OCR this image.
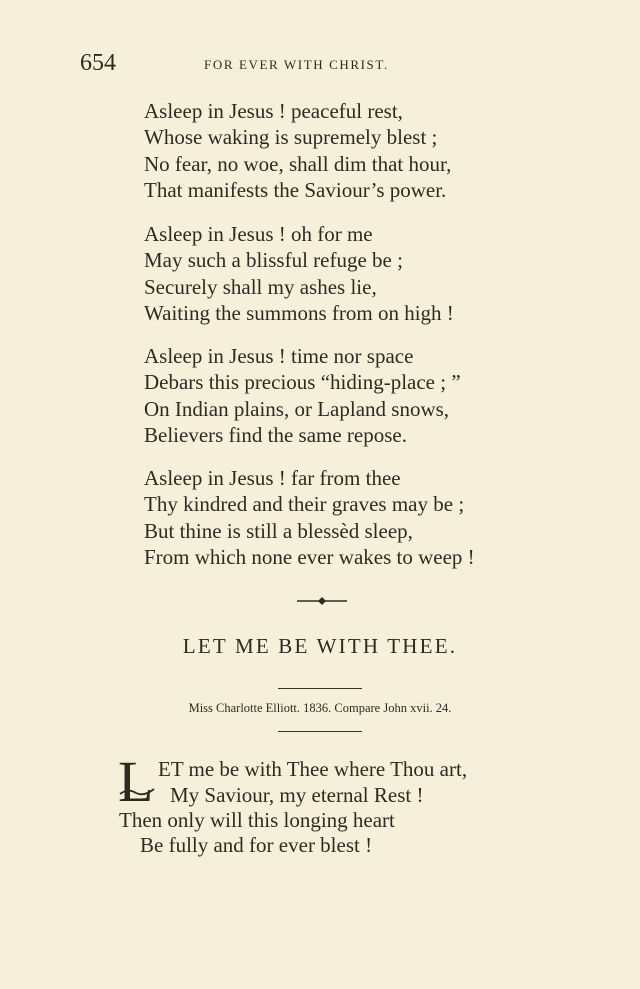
654	FOR EVER WITH CHRIST.
Asleep in Jesus ! peaceful rest,
Whose waking is supremely blest ;
No fear, no woe, shall dim that hour,
That manifests the Saviour’s power.
Asleep in Jesus ! oh for me
May such a blissful refuge be ;
Securely shall my ashes lie,
Waiting the summons from on high !
Asleep in Jesus ! time nor space
Debars this precious “hiding-place ; ”
On Indian plains, or Lapland snows,
Believers find the same repose.
Asleep in Jesus ! far from thee
Thy kindred and their graves may be ;
But thine is still a blessèd sleep,
From which none ever wakes to weep !
LET ME BE WITH THEE.
Miss Charlotte Elliott. 1836. Compare John xvii. 24.
L ET me be with Thee where Thou art,
My Saviour, my eternal Rest !
Then only will this longing heart
Be fully and for ever blest !
